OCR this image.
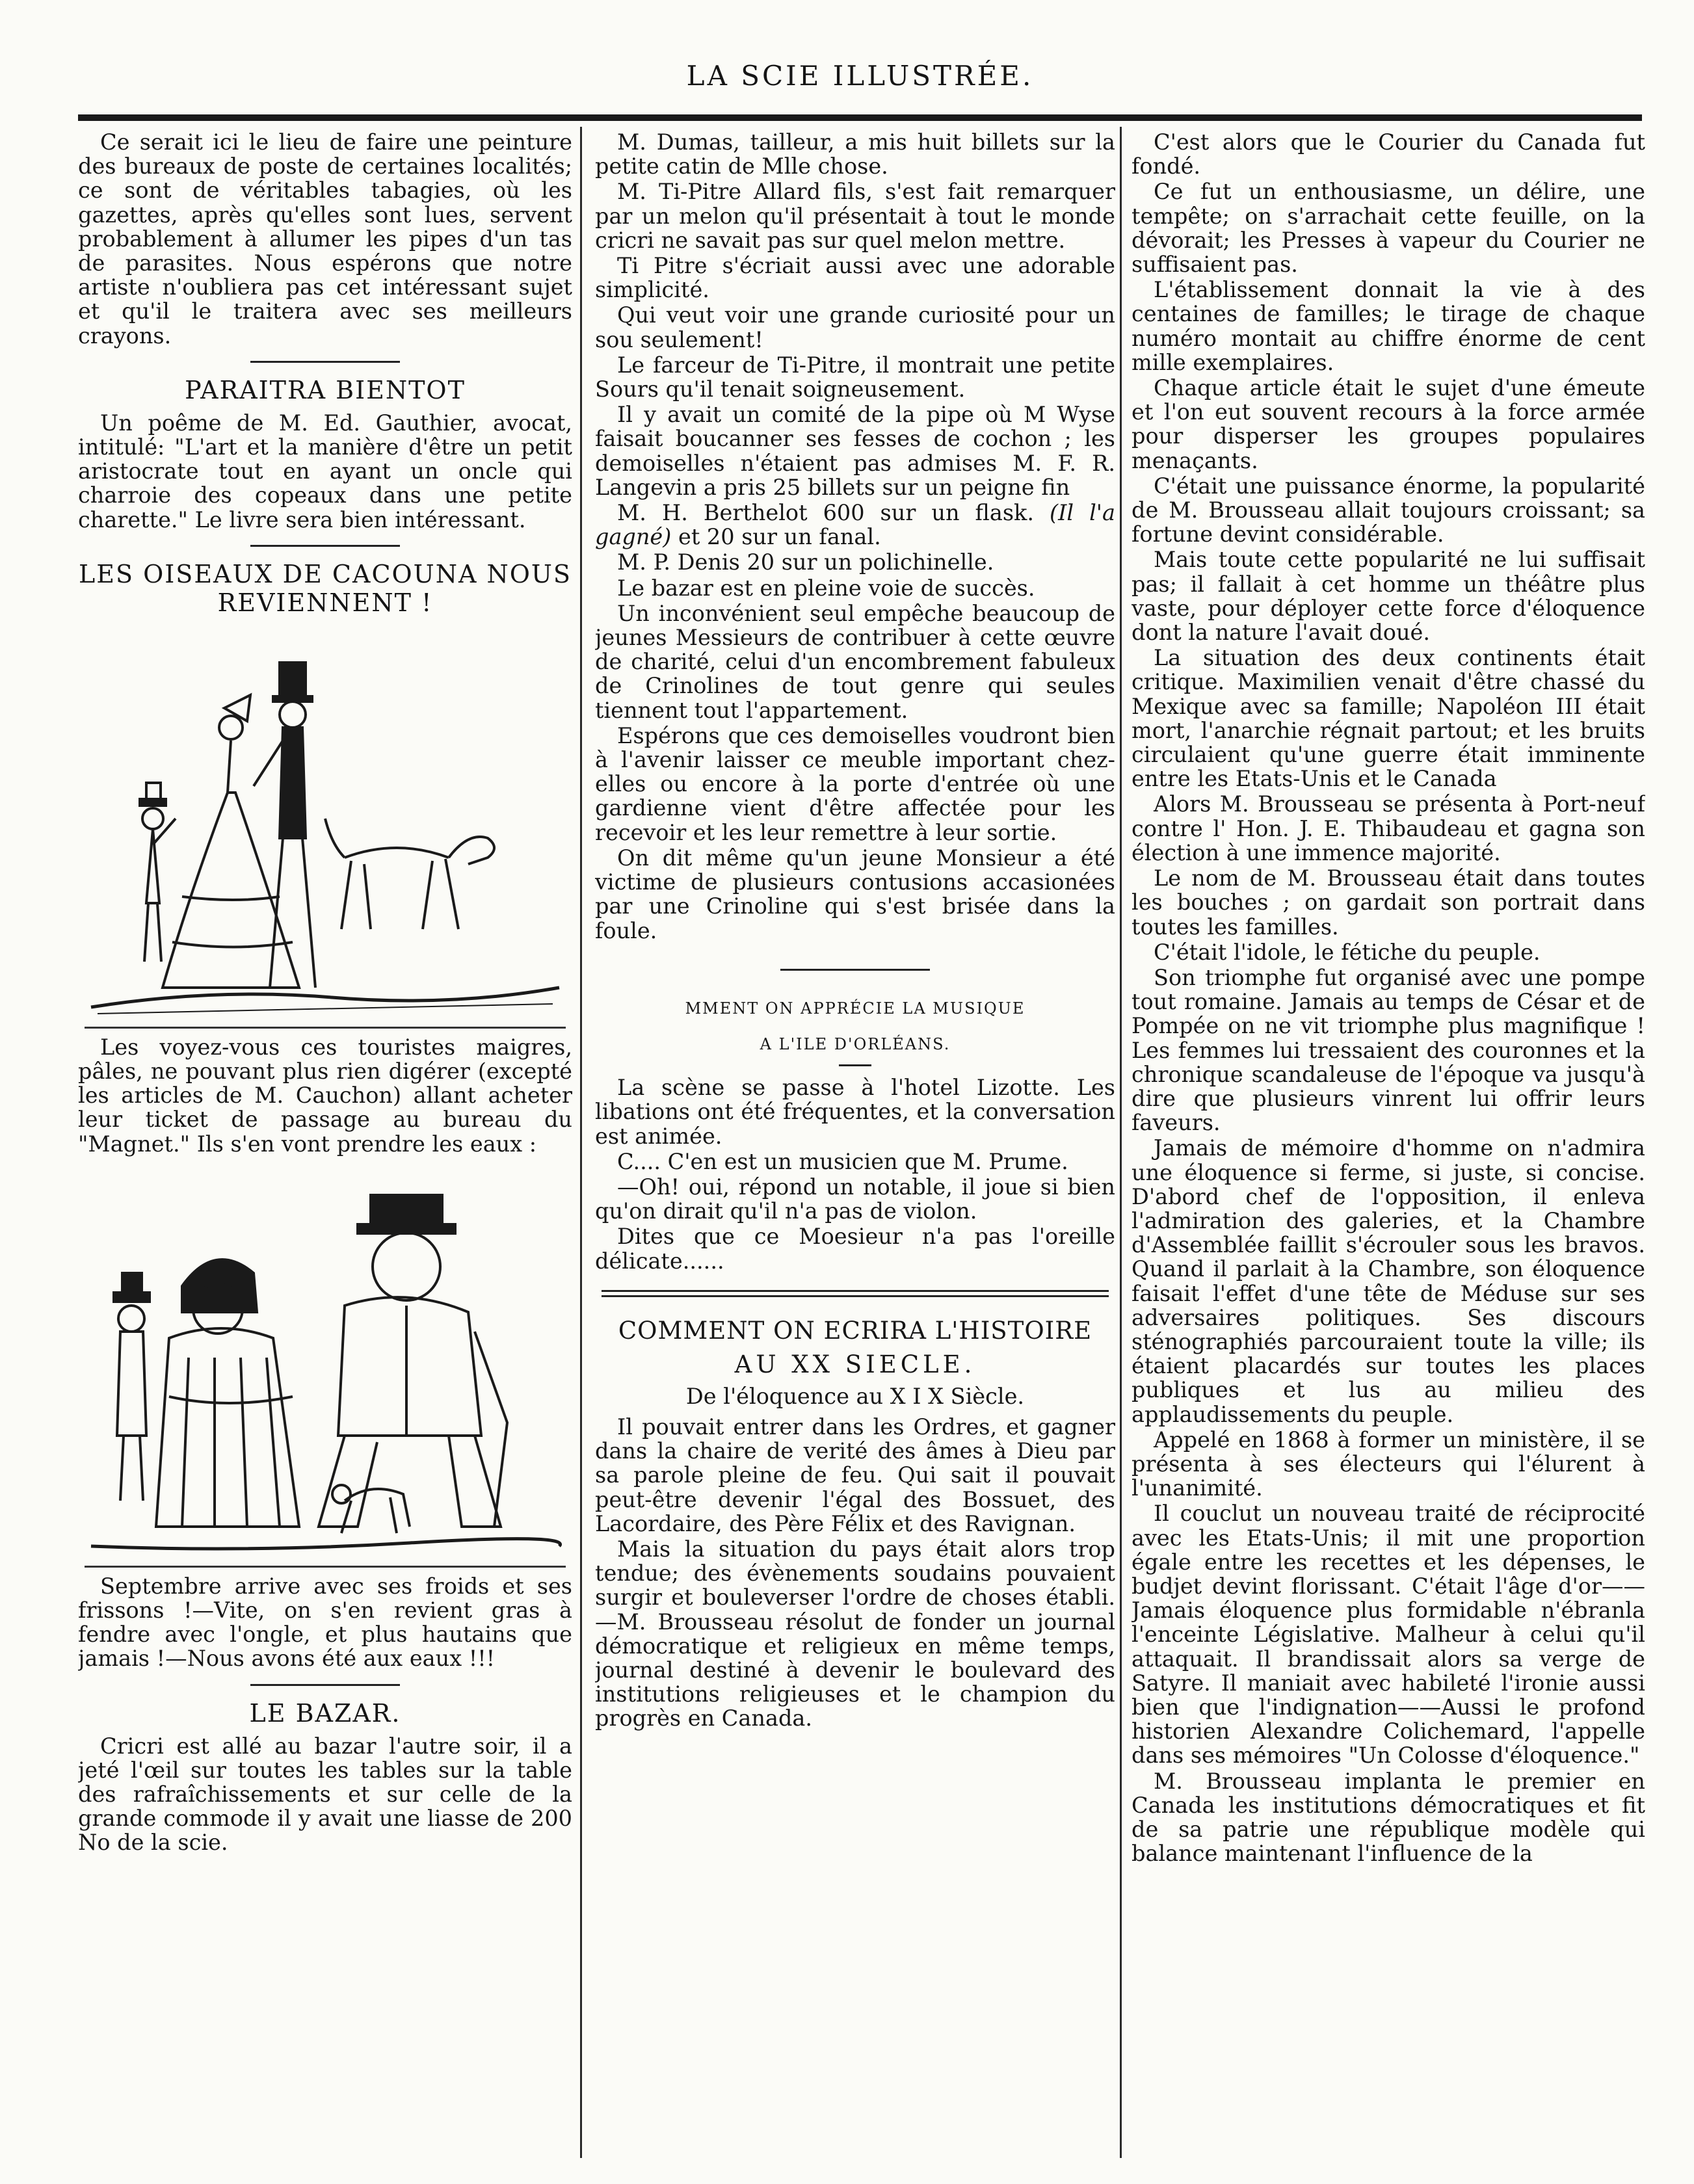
LA SCIE ILLUSTRÉE.

Ce serait ici le lieu de faire une peinture des bureaux de poste de certaines localités; ce sont de véritables tabagies, où les gazettes, après qu'elles sont lues, servent probablement à allumer les pipes d'un tas de parasites. Nous espérons que notre artiste n'oubliera pas cet intéressant sujet et qu'il le traitera avec ses meilleurs crayons.

PARAITRA BIENTOT

Un poême de M. Ed. Gauthier, avocat, intitulé: "L'art et la manière d'être un petit aristocrate tout en ayant un oncle qui charroie des copeaux dans une petite charette." Le livre sera bien intéressant.

LES OISEAUX DE CACOUNA NOUS REVIENNENT !

Les voyez-vous ces touristes maigres, pâles, ne pouvant plus rien digérer (excepté les articles de M. Cauchon) allant acheter leur ticket de passage au bureau du "Magnet." Ils s'en vont prendre les eaux :

Septembre arrive avec ses froids et ses frissons !—Vite, on s'en revient gras à fendre avec l'ongle, et plus hautains que jamais !—Nous avons été aux eaux !!!

LE BAZAR.

Cricri est allé au bazar l'autre soir, il a jeté l'œil sur toutes les tables sur la table des rafraîchissements et sur celle de la grande commode il y avait une liasse de 200 No de la scie.

M. Dumas, tailleur, a mis huit billets sur la petite catin de Mlle chose.

M. Ti-Pitre Allard fils, s'est fait remarquer par un melon qu'il présentait à tout le monde cricri ne savait pas sur quel melon mettre.

Ti Pitre s'écriait aussi avec une adorable simplicité.

Qui veut voir une grande curiosité pour un sou seulement!

Le farceur de Ti-Pitre, il montrait une petite Sours qu'il tenait soigneusement.

Il y avait un comité de la pipe où M Wyse faisait boucanner ses fesses de cochon ; les demoiselles n'étaient pas admises M. F. R. Langevin a pris 25 billets sur un peigne fin

M. H. Berthelot 600 sur un flask. (Il l'a gagné) et 20 sur un fanal.

M. P. Denis 20 sur un polichinelle.

Le bazar est en pleine voie de succès.

Un inconvénient seul empêche beaucoup de jeunes Messieurs de contribuer à cette œuvre de charité, celui d'un encombrement fabuleux de Crinolines de tout genre qui seules tiennent tout l'appartement.

Espérons que ces demoiselles voudront bien à l'avenir laisser ce meuble important chez-elles ou encore à la porte d'entrée où une gardienne vient d'être affectée pour les recevoir et les leur remettre à leur sortie.

On dit même qu'un jeune Monsieur a été victime de plusieurs contusions accasionées par une Crinoline qui s'est brisée dans la foule.

MMENT ON APPRÉCIE LA MUSIQUE
A L'ILE D'ORLÉANS.

La scène se passe à l'hotel Lizotte. Les libations ont été fréquentes, et la conversation est animée.

C.... C'en est un musicien que M. Prume.

—Oh! oui, répond un notable, il joue si bien qu'on dirait qu'il n'a pas de violon.

Dites que ce Moesieur n'a pas l'oreille délicate......

COMMENT ON ECRIRA L'HISTOIRE
AU XX SIECLE.
De l'éloquence au X I X Siècle.

Il pouvait entrer dans les Ordres, et gagner dans la chaire de verité des âmes à Dieu par sa parole pleine de feu. Qui sait il pouvait peut-être devenir l'égal des Bossuet, des Lacordaire, des Père Félix et des Ravignan.

Mais la situation du pays était alors trop tendue; des évènements soudains pouvaient surgir et bouleverser l'ordre de choses établi.—M. Brousseau résolut de fonder un journal démocratique et religieux en même temps, journal destiné à devenir le boulevard des institutions religieuses et le champion du progrès en Canada.

C'est alors que le Courier du Canada fut fondé.

Ce fut un enthousiasme, un délire, une tempête; on s'arrachait cette feuille, on la dévorait; les Presses à vapeur du Courier ne suffisaient pas.

L'établissement donnait la vie à des centaines de familles; le tirage de chaque numéro montait au chiffre énorme de cent mille exemplaires.

Chaque article était le sujet d'une émeute et l'on eut souvent recours à la force armée pour disperser les groupes populaires menaçants.

C'était une puissance énorme, la popularité de M. Brousseau allait toujours croissant; sa fortune devint considérable.

Mais toute cette popularité ne lui suffisait pas; il fallait à cet homme un théâtre plus vaste, pour déployer cette force d'éloquence dont la nature l'avait doué.

La situation des deux continents était critique. Maximilien venait d'être chassé du Mexique avec sa famille; Napoléon III était mort, l'anarchie régnait partout; et les bruits circulaient qu'une guerre était imminente entre les Etats-Unis et le Canada

Alors M. Brousseau se présenta à Port-neuf contre l' Hon. J. E. Thibaudeau et gagna son élection à une immence majorité.

Le nom de M. Brousseau était dans toutes les bouches ; on gardait son portrait dans toutes les familles.

C'était l'idole, le fétiche du peuple.

Son triomphe fut organisé avec une pompe tout romaine. Jamais au temps de César et de Pompée on ne vit triomphe plus magnifique ! Les femmes lui tressaient des couronnes et la chronique scandaleuse de l'époque va jusqu'à dire que plusieurs vinrent lui offrir leurs faveurs.

Jamais de mémoire d'homme on n'admira une éloquence si ferme, si juste, si concise. D'abord chef de l'opposition, il enleva l'admiration des galeries, et la Chambre d'Assemblée faillit s'écrouler sous les bravos. Quand il parlait à la Chambre, son éloquence faisait l'effet d'une tête de Méduse sur ses adversaires politiques. Ses discours sténographiés parcouraient toute la ville; ils étaient placardés sur toutes les places publiques et lus au milieu des applaudissements du peuple.

Appelé en 1868 à former un ministère, il se présenta à ses électeurs qui l'élurent à l'unanimité.

Il couclut un nouveau traité de réciprocité avec les Etats-Unis; il mit une proportion égale entre les recettes et les dépenses, le budjet devint florissant. C'était l'âge d'or——Jamais éloquence plus formidable n'ébranla l'enceinte Législative. Malheur à celui qu'il attaquait. Il brandissait alors sa verge de Satyre. Il maniait avec habileté l'ironie aussi bien que l'indignation——Aussi le profond historien Alexandre Colichemard, l'appelle dans ses mémoires "Un Colosse d'éloquence."

M. Brousseau implanta le premier en Canada les institutions démocratiques et fit de sa patrie une république modèle qui balance maintenant l'influence de la
